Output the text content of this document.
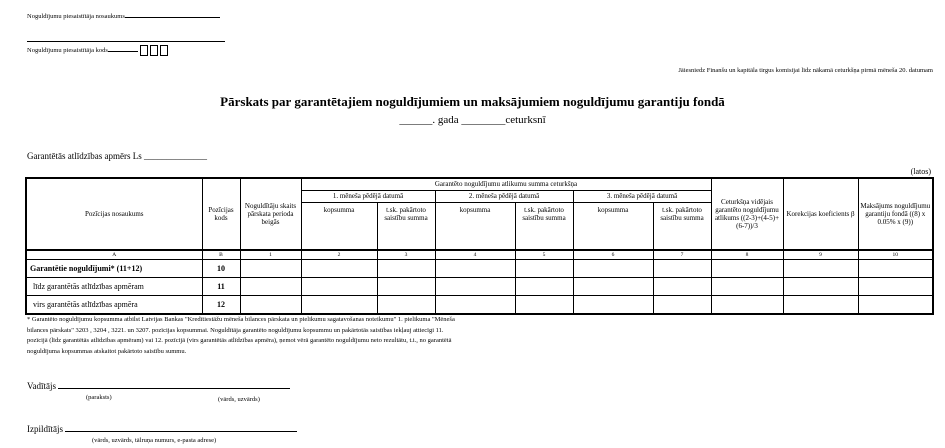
Noguldījumu piesaistītāja nosaukums
Noguldījumu piesaistītāja kods
Jāiesniedz Finanšu un kapitāla tirgus komisijai līdz nākamā ceturkšņa pirmā mēneša 20. datumam
Pārskats par garantētajiem noguldījumiem un maksājumiem noguldījumu garantiju fondā
______. gada ________ceturksnī
Garantētās atlīdzības apmērs Ls ______________
(latos)
Pozīcijas nosaukums	Pozīcijas kods	Noguldītāju skaits pārskata perioda beigās	Garantēto noguldījumu atlikumu summa ceturkšņa						Ceturkšņa vidējais garantēto noguldījumu atlikums ((2-3)+(4-5)+(6-7))/3	Korekcijas koeficients β	Maksājums noguldījumu garantiju fondā ((8) x 0.05% x (9))
			1. mēneša pēdējā datumā		2. mēneša pēdējā datumā		3. mēneša pēdējā datumā				
			kopsumma	t.sk. pakārtoto saistību summa	kopsumma	t.sk. pakārtoto saistību summa	kopsumma	t.sk. pakārtoto saistību summa			
A	B	1	2	3	4	5	6	7	8	9	10
Garantētie noguldījumi* (11+12)	10										
līdz garantētās atlīdzības apmēram	11										
virs garantētās atlīdzības apmēra	12										
* Garantēto noguldījumu kopsumma atbilst Latvijas Bankas "Kredītiestāžu mēneša bilances pārskata un pielikumu sagatavošanas noteikumu" 1. pielikuma "Mēneša
bilances pārskats" 3203 , 3204 , 3221. un 3207. pozīcijas kopsummai. Noguldītāja garantēto noguldījumu kopsummu un pakārtotās saistības iekļauj attiecīgi 11.
pozīcijā (līdz garantētās atlīdzības apmēram) vai 12. pozīcijā (virs garantētās atlīdzības apmēra), ņemot vērā garantēto noguldījumu neto rezultātu, t.i., no garantētā
noguldījuma kopsummas atskaitot pakārtoto saistību summu.
Vadītājs
(paraksts)	(vārds, uzvārds)
Izpildītājs
(vārds, uzvārds, tālruņa numurs, e-pasta adrese)
